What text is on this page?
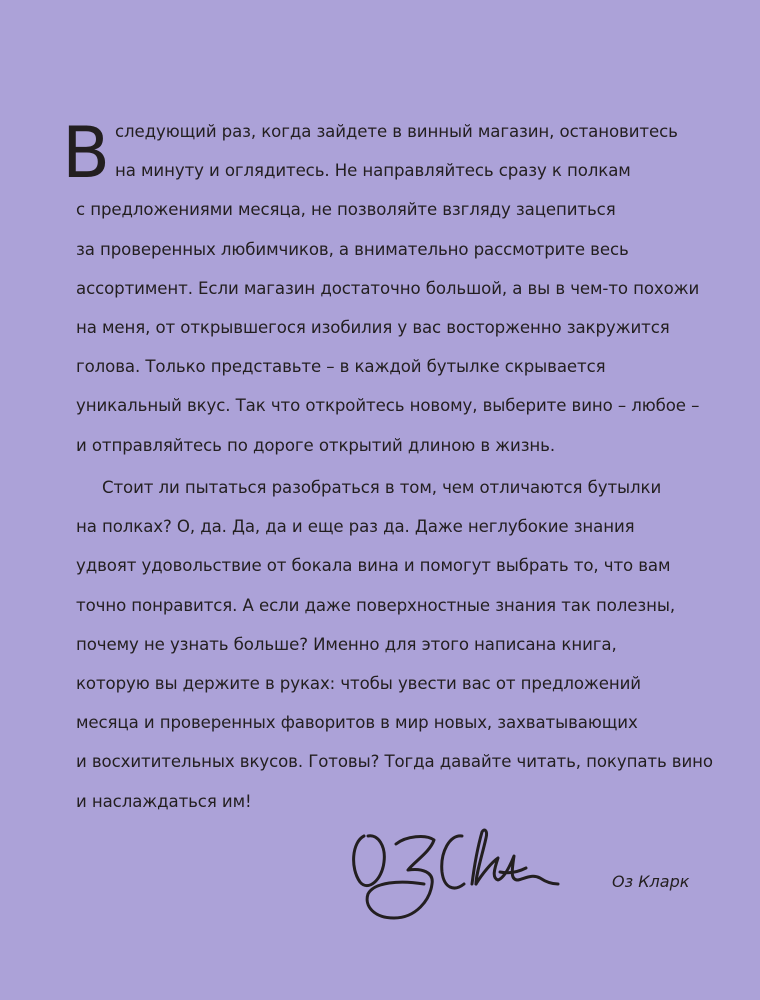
В следующий раз, когда зайдете в винный магазин, остановитесь
на минуту и оглядитесь. Не направляйтесь сразу к полкам
с предложениями месяца, не позволяйте взгляду зацепиться
за проверенных любимчиков, а внимательно рассмотрите весь
ассортимент. Если магазин достаточно большой, а вы в чем-то похожи
на меня, от открывшегося изобилия у вас восторженно закружится
голова. Только представьте – в каждой бутылке скрывается
уникальный вкус. Так что откройтесь новому, выберите вино – любое –
и отправляйтесь по дороге открытий длиною в жизнь.
Стоит ли пытаться разобраться в том, чем отличаются бутылки
на полках? О, да. Да, да и еще раз да. Даже неглубокие знания
удвоят удовольствие от бокала вина и помогут выбрать то, что вам
точно понравится. А если даже поверхностные знания так полезны,
почему не узнать больше? Именно для этого написана книга,
которую вы держите в руках: чтобы увести вас от предложений
месяца и проверенных фаворитов в мир новых, захватывающих
и восхитительных вкусов. Готовы? Тогда давайте читать, покупать вино
и наслаждаться им!
Оз Кларк
